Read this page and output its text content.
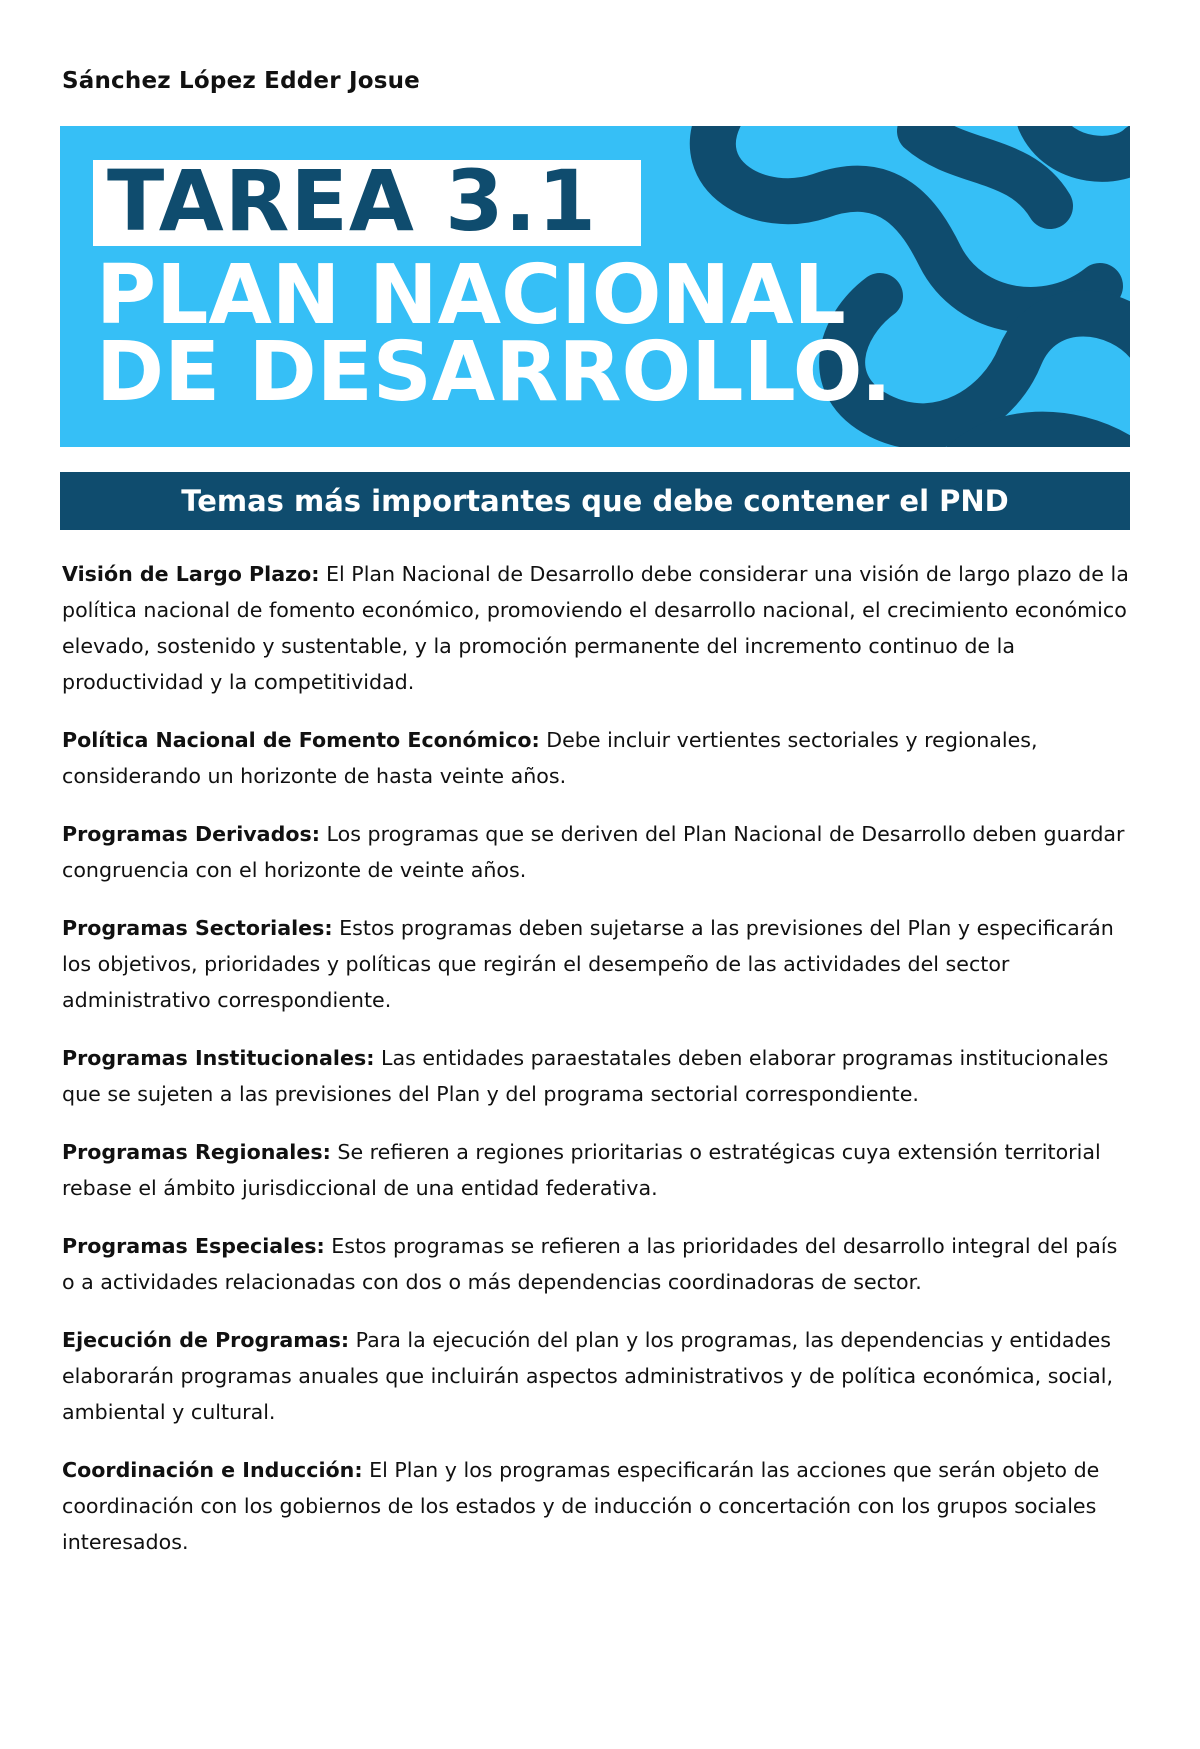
Sánchez López Edder Josue
TAREA 3.1
PLAN NACIONAL
DE DESARROLLO.
Temas más importantes que debe contener el PND

Visión de Largo Plazo: El Plan Nacional de Desarrollo debe considerar una visión de largo plazo de la política nacional de fomento económico, promoviendo el desarrollo nacional, el crecimiento económico elevado, sostenido y sustentable, y la promoción permanente del incremento continuo de la productividad y la competitividad.

Política Nacional de Fomento Económico: Debe incluir vertientes sectoriales y regionales, considerando un horizonte de hasta veinte años.

Programas Derivados: Los programas que se deriven del Plan Nacional de Desarrollo deben guardar congruencia con el horizonte de veinte años.

Programas Sectoriales: Estos programas deben sujetarse a las previsiones del Plan y especificarán los objetivos, prioridades y políticas que regirán el desempeño de las actividades del sector administrativo correspondiente.

Programas Institucionales: Las entidades paraestatales deben elaborar programas institucionales que se sujeten a las previsiones del Plan y del programa sectorial correspondiente.

Programas Regionales: Se refieren a regiones prioritarias o estratégicas cuya extensión territorial rebase el ámbito jurisdiccional de una entidad federativa.

Programas Especiales: Estos programas se refieren a las prioridades del desarrollo integral del país o a actividades relacionadas con dos o más dependencias coordinadoras de sector.

Ejecución de Programas: Para la ejecución del plan y los programas, las dependencias y entidades elaborarán programas anuales que incluirán aspectos administrativos y de política económica, social, ambiental y cultural.

Coordinación e Inducción: El Plan y los programas especificarán las acciones que serán objeto de coordinación con los gobiernos de los estados y de inducción o concertación con los grupos sociales interesados.
